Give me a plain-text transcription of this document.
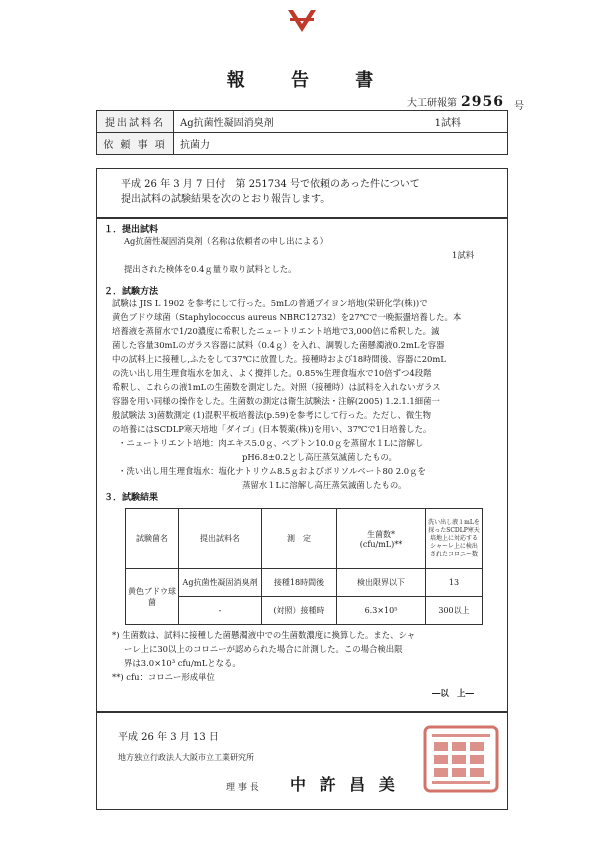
報 告 書
大工研報第 2956	号
提出試料名	Ag抗菌性凝固消臭剤 1試料

依 頼 事 項	抗菌力

平成 26 年 3 月 7 日付　第 251734 号で依頼のあった件について

提出試料の試験結果を次のとおり報告します。

１．提出試料
Ag抗菌性凝固消臭剤（名称は依頼者の申し出による）
1試料
提出された検体を0.4ｇ量り取り試料とした。
２．試験方法

試験は JIS L 1902 を参考にして行った。5mLの普通ブイヨン培地(栄研化学(株))で

黄色ブドウ球菌（Staphylococcus aureus NBRC12732）を27℃で一晩振盪培養した。本

培養液を蒸留水で1/20濃度に希釈したニュートリエント培地で3,000倍に希釈した。滅

菌した容量30mLのガラス容器に試料（0.4ｇ）を入れ、調製した菌懸濁液0.2mLを容器

中の試料上に接種し,ふたをして37℃に放置した。接種時および18時間後、容器に20mL

の洗い出し用生理食塩水を加え、よく攪拌した。0.85%生理食塩水で10倍ずつ4段階

希釈し、これらの液1mLの生菌数を測定した。対照（接種時）は試料を入れないガラス

容器を用い同様の操作をした。生菌数の測定は衛生試験法・注解(2005) 1.2.1.1細菌一

般試験法 3)菌数測定 (1)混釈平板培養法(p.59)を参考にして行った。ただし、微生物

の培養にはSCDLP寒天培地「ダイゴ」(日本製薬(株))を用い、37℃で1日培養した。

・ニュートリエント培地：肉エキス5.0ｇ、ペプトン10.0ｇを蒸留水１Lに溶解し
pH6.8±0.2とし高圧蒸気滅菌したもの。
・洗い出し用生理食塩水：塩化ナトリウム8.5ｇおよびポリソルベート80 2.0ｇを
蒸留水１Lに溶解し高圧蒸気滅菌したもの。
３．試験結果
試験菌名	提出試料名	測　定	生菌数*
(cfu/mL)**	洗い出し液１mLを採ったSCDLP寒天培地上に対応するシャーレ上に検出されたコロニー数
黄色ブドウ球菌	Ag抗菌性凝固消臭剤	接種18時間後	検出限界以下	13
	-	(対照）接種時	6.3×10⁵	300以上

*) 生菌数は、試料に接種した菌懸濁液中での生菌数濃度に換算した。また、シャ

ーレ上に30以上のコロニーが認められた場合に計測した。この場合検出限

界は3.0×10³ cfu/mLとなる。

**) cfu：コロニー形成単位
―以　上―
平成 26 年 3 月 13 日
地方独立行政法人大阪市立工業研究所
理 事 長 中 許 昌 美
